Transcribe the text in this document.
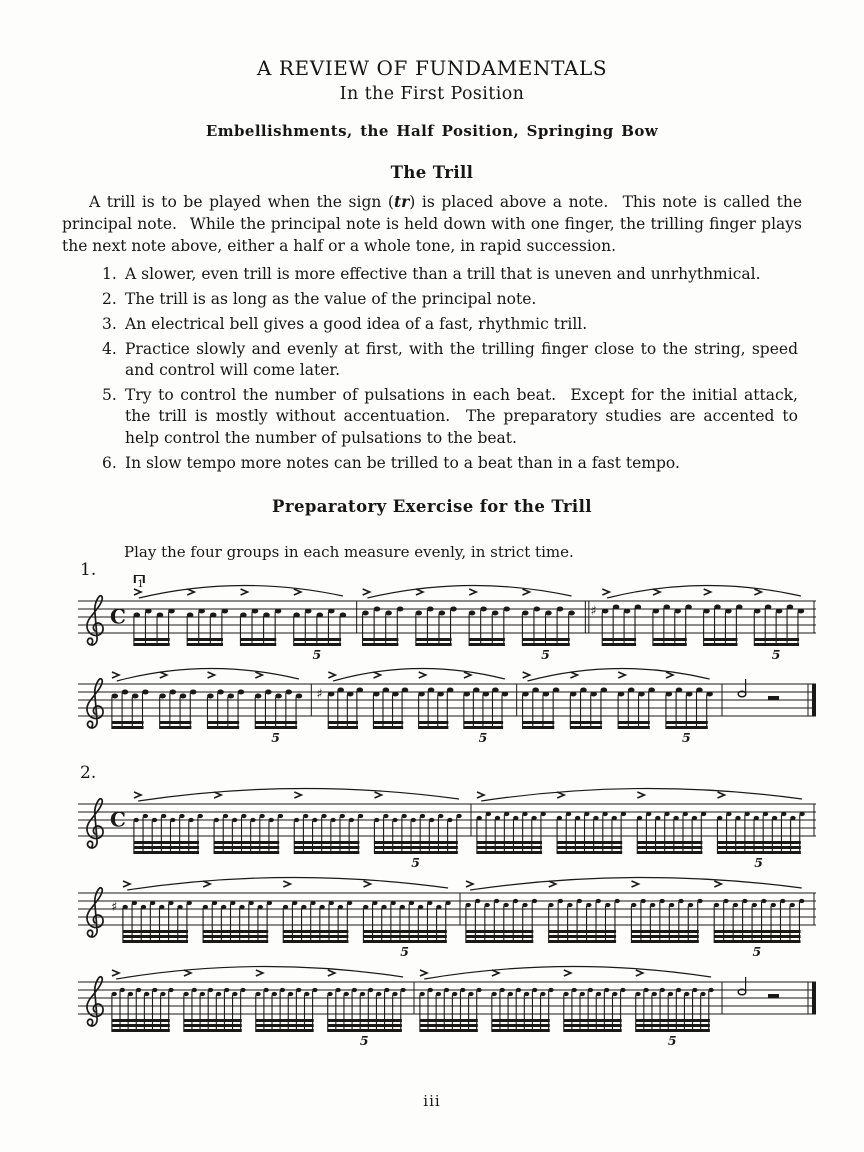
A REVIEW OF FUNDAMENTALS
In the First Position
Embellishments, the Half Position, Springing Bow
The Trill

A trill is to be played when the sign (tr) is placed above a note.  This note is called the principal note.  While the principal note is held down with one finger, the trilling finger plays the next note above, either a half or a whole tone, in rapid succession.

1. A slower, even trill is more effective than a trill that is uneven and unrhythmical.
2. The trill is as long as the value of the principal note.
3. An electrical bell gives a good idea of a fast, rhythmic trill.
4. Practice slowly and evenly at first, with the trilling finger close to the string, speed and control will come later.
5. Try to control the number of pulsations in each beat.  Except for the initial attack, the trill is mostly without accentuation.  The preparatory studies are accented to help control the number of pulsations to the beat.
6. In slow tempo more notes can be trilled to a beat than in a fast tempo.
Preparatory Exercise for the Trill
Play the four groups in each measure evenly, in strict time.
1.
C
5
1
5
♯
5
5
♯
5	5
2.
C
5	5
♯
5	5
5	5
iii
